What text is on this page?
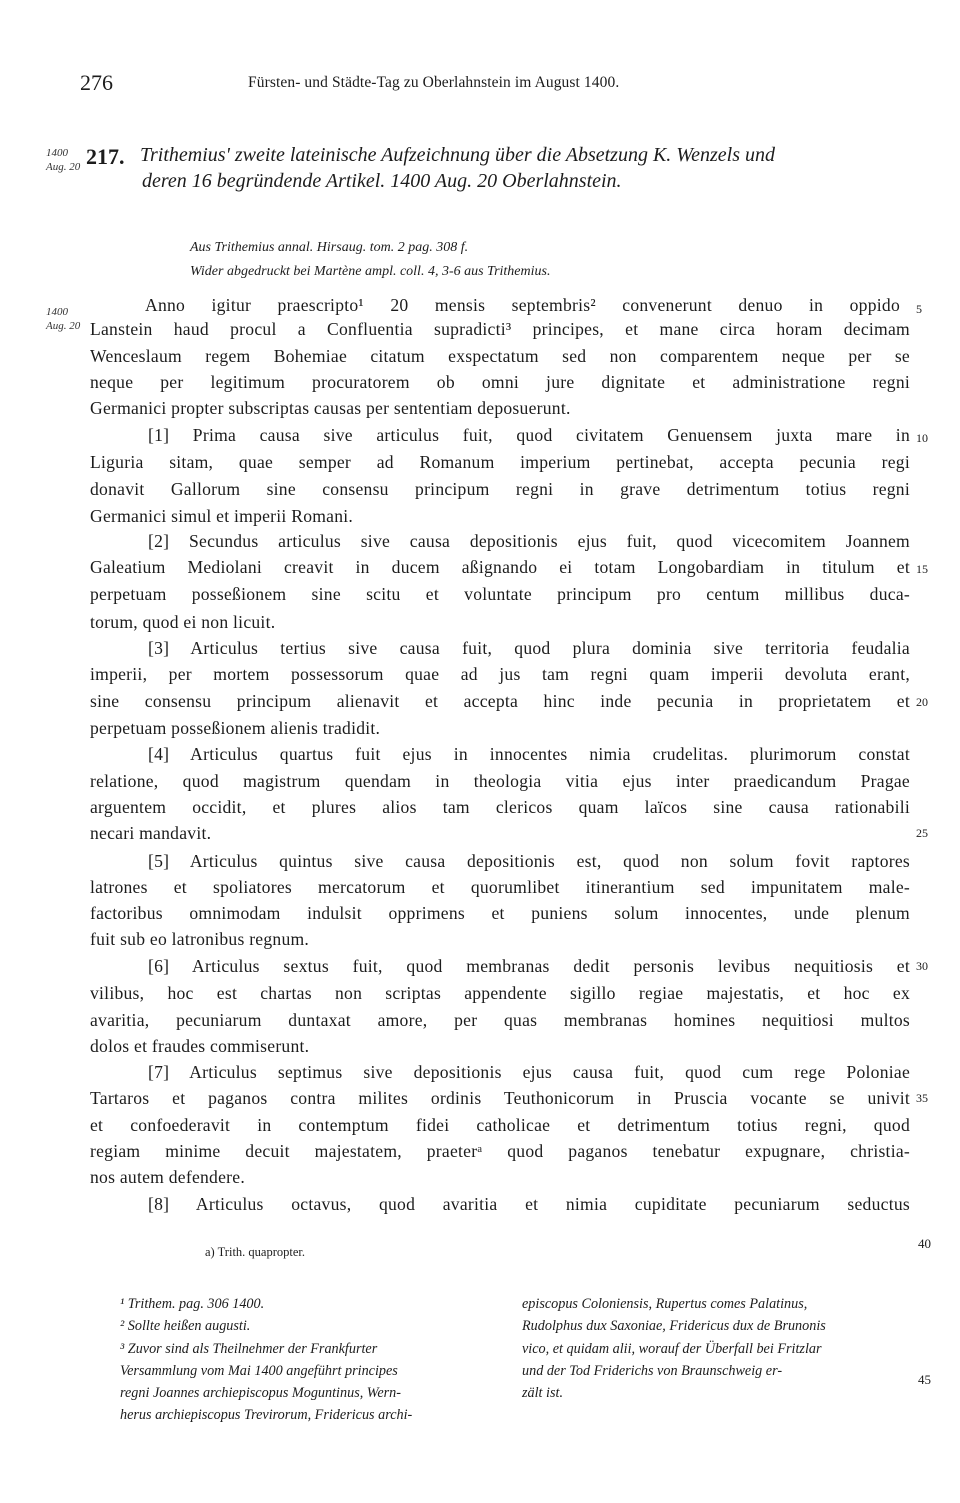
276	Fürsten- und Städte-Tag zu Oberlahnstein im August 1400.
1400
Aug. 20 217. Trithemius' zweite lateinische Aufzeichnung über die Absetzung K. Wenzels und
deren 16 begründende Artikel. 1400 Aug. 20 Oberlahnstein.
Aus Trithemius annal. Hirsaug. tom. 2 pag. 308 f.
Wider abgedruckt bei Martène ampl. coll. 4, 3-6 aus Trithemius.
1400
Aug. 20
Anno igitur praescripto¹ 20 mensis septembris² convenerunt denuo in oppido
Lanstein haud procul a Confluentia supradicti³ principes, et mane circa horam decimam
Wenceslaum regem Bohemiae citatum exspectatum sed non comparentem neque per se
neque per legitimum procuratorem ob omni jure dignitate et administratione regni
Germanici propter subscriptas causas per sententiam deposuerunt.
[1] Prima causa sive articulus fuit, quod civitatem Genuensem juxta mare in
Liguria sitam, quae semper ad Romanum imperium pertinebat, accepta pecunia regi
donavit Gallorum sine consensu principum regni in grave detrimentum totius regni
Germanici simul et imperii Romani.
[2] Secundus articulus sive causa depositionis ejus fuit, quod vicecomitem Joannem
Galeatium Mediolani creavit in ducem aßignando ei totam Longobardiam in titulum et
perpetuam posseßionem sine scitu et voluntate principum pro centum millibus duca-
torum, quod ei non licuit.
[3] Articulus tertius sive causa fuit, quod plura dominia sive territoria feudalia
imperii, per mortem possessorum quae ad jus tam regni quam imperii devoluta erant,
sine consensu principum alienavit et accepta hinc inde pecunia in proprietatem et
perpetuam posseßionem alienis tradidit.
[4] Articulus quartus fuit ejus in innocentes nimia crudelitas. plurimorum constat
relatione, quod magistrum quendam in theologia vitia ejus inter praedicandum Pragae
arguentem occidit, et plures alios tam clericos quam laïcos sine causa rationabili
necari mandavit.
[5] Articulus quintus sive causa depositionis est, quod non solum fovit raptores
latrones et spoliatores mercatorum et quorumlibet itinerantium sed impunitatem male-
factoribus omnimodam indulsit opprimens et puniens solum innocentes, unde plenum
fuit sub eo latronibus regnum.
[6] Articulus sextus fuit, quod membranas dedit personis levibus nequitiosis et
vilibus, hoc est chartas non scriptas appendente sigillo regiae majestatis, et hoc ex
avaritia, pecuniarum duntaxat amore, per quas membranas homines nequitiosi multos
dolos et fraudes commiserunt.
[7] Articulus septimus sive depositionis ejus causa fuit, quod cum rege Poloniae
Tartaros et paganos contra milites ordinis Teuthonicorum in Pruscia vocante se univit
et confoederavit in contemptum fidei catholicae et detrimentum totius regni, quod
regiam minime decuit majestatem, praeterᵃ quod paganos tenebatur expugnare, christia-
nos autem defendere.
[8] Articulus octavus, quod avaritia et nimia cupiditate pecuniarum seductus
5
10
15
20
25
30
35
40
45
a) Trith. quapropter.
¹ Trithem. pag. 306 1400.
² Sollte heißen augusti.
³ Zuvor sind als Theilnehmer der Frankfurter
Versammlung vom Mai 1400 angeführt principes
regni Joannes archiepiscopus Moguntinus, Wern-
herus archiepiscopus Trevirorum, Fridericus archi-
episcopus Coloniensis, Rupertus comes Palatinus,
Rudolphus dux Saxoniae, Fridericus dux de Brunonis
vico, et quidam alii, worauf der Überfall bei Fritzlar
und der Tod Friderichs von Braunschweig er-
zält ist.
